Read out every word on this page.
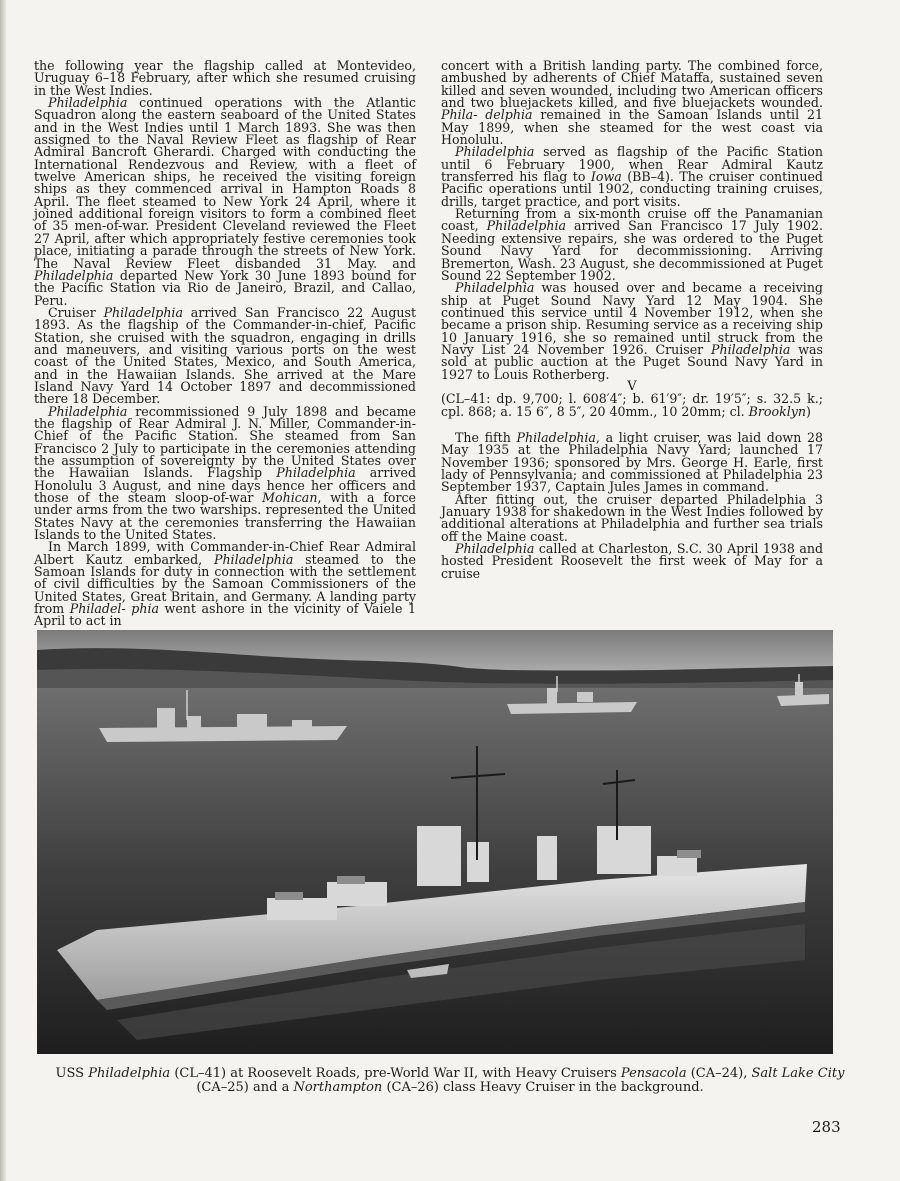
the following year the flagship called at Montevideo, Uruguay 6–18 February, after which she resumed cruising in the West Indies.

Philadelphia continued operations with the Atlantic Squadron along the eastern seaboard of the United States and in the West Indies until 1 March 1893. She was then assigned to the Naval Review Fleet as flagship of Rear Admiral Bancroft Gherardi. Charged with conducting the International Rendezvous and Review, with a fleet of twelve American ships, he received the visiting foreign ships as they commenced arrival in Hampton Roads 8 April. The fleet steamed to New York 24 April, where it joined additional foreign visitors to form a combined fleet of 35 men-of-war. President Cleveland reviewed the Fleet 27 April, after which appropriately festive ceremonies took place, initiating a parade through the streets of New York. The Naval Review Fleet disbanded 31 May. and Philadelphia departed New York 30 June 1893 bound for the Pacific Station via Rio de Janeiro, Brazil, and Callao, Peru.

Cruiser Philadelphia arrived San Francisco 22 August 1893. As the flagship of the Commander-in-chief, Pacific Station, she cruised with the squadron, engaging in drills and maneuvers, and visiting various ports on the west coast of the United States, Mexico, and South America, and in the Hawaiian Islands. She arrived at the Mare Island Navy Yard 14 October 1897 and decommissioned there 18 December.

Philadelphia recommissioned 9 July 1898 and became the flagship of Rear Admiral J. N. Miller, Commander-in-Chief of the Pacific Station. She steamed from San Francisco 2 July to participate in the ceremonies attending the assumption of sovereignty by the United States over the Hawaiian Islands. Flagship Philadelphia arrived Honolulu 3 August, and nine days hence her officers and those of the steam sloop-of-war Mohican, with a force under arms from the two warships. represented the United States Navy at the ceremonies transferring the Hawaiian Islands to the United States.

In March 1899, with Commander-in-Chief Rear Admiral Albert Kautz embarked, Philadelphia steamed to the Samoan Islands for duty in connection with the settlement of civil difficulties by the Samoan Commissioners of the United States, Great Britain, and Germany. A landing party from Philadel- phia went ashore in the vicinity of Vaiele 1 April to act in

concert with a British landing party. The combined force, ambushed by adherents of Chief Mataffa, sustained seven killed and seven wounded, including two American officers and two bluejackets killed, and five bluejackets wounded. Phila- delphia remained in the Samoan Islands until 21 May 1899, when she steamed for the west coast via Honolulu.

Philadelphia served as flagship of the Pacific Station until 6 February 1900, when Rear Admiral Kautz transferred his flag to Iowa (BB–4). The cruiser continued Pacific operations until 1902, conducting training cruises, drills, target practice, and port visits.

Returning from a six-month cruise off the Panamanian coast, Philadelphia arrived San Francisco 17 July 1902. Needing extensive repairs, she was ordered to the Puget Sound Navy Yard for decommissioning. Arriving Bremerton, Wash. 23 August, she decommissioned at Puget Sound 22 September 1902.

Philadelphia was housed over and became a receiving ship at Puget Sound Navy Yard 12 May 1904. She continued this service until 4 November 1912, when she became a prison ship. Resuming service as a receiving ship 10 January 1916, she so remained until struck from the Navy List 24 November 1926. Cruiser Philadelphia was sold at public auction at the Puget Sound Navy Yard in 1927 to Louis Rotherberg.

V

(CL–41: dp. 9,700; l. 608′4″; b. 61′9″; dr. 19′5″; s. 32.5 k.; cpl. 868; a. 15 6″, 8 5″, 20 40mm., 10 20mm; cl. Brooklyn)

The fifth Philadelphia, a light cruiser, was laid down 28 May 1935 at the Philadelphia Navy Yard; launched 17 November 1936; sponsored by Mrs. George H. Earle, first lady of Pennsylvania; and commissioned at Philadelphia 23 September 1937, Captain Jules James in command.

After fitting out, the cruiser departed Philadelphia 3 January 1938 for shakedown in the West Indies followed by additional alterations at Philadelphia and further sea trials off the Maine coast.

Philadelphia called at Charleston, S.C. 30 April 1938 and hosted President Roosevelt the first week of May for a cruise

USS Philadelphia (CL–41) at Roosevelt Roads, pre-World War II, with Heavy Cruisers Pensacola (CA–24), Salt Lake City (CA–25) and a Northampton (CA–26) class Heavy Cruiser in the background.
283
